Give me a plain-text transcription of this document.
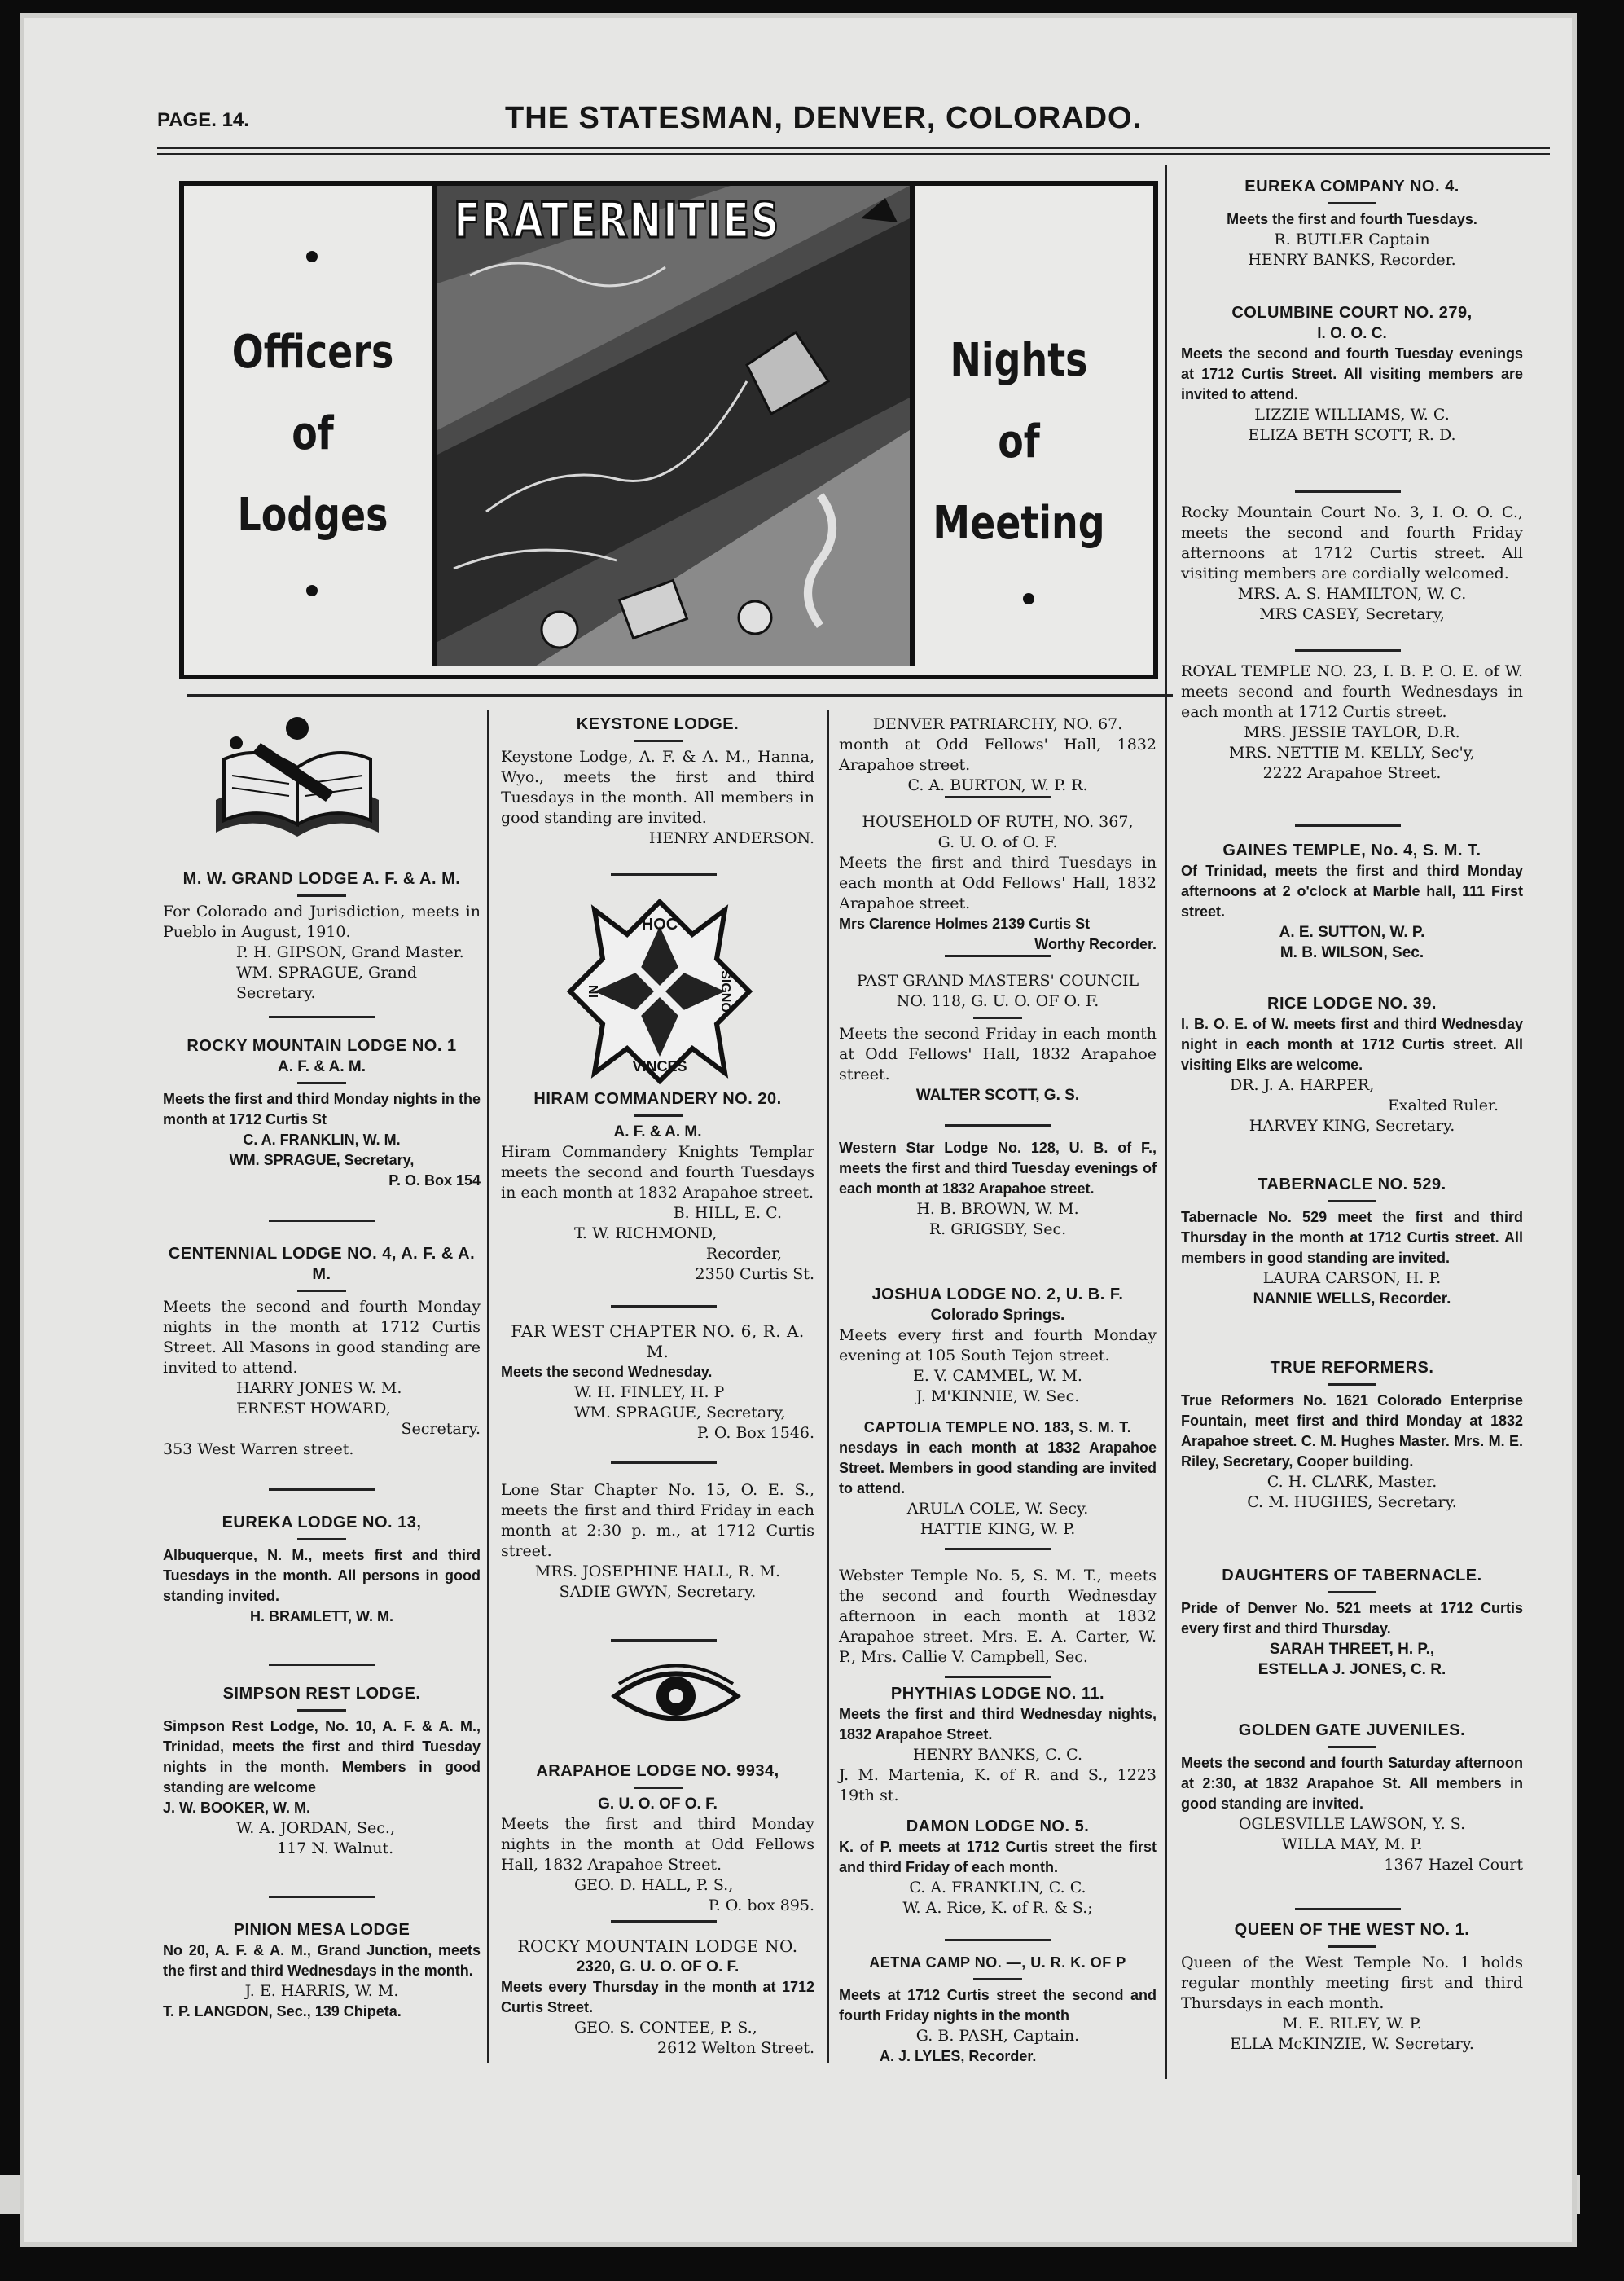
PAGE. 14.	THE STATESMAN, DENVER, COLORADO.
Officers
of
Lodges
FRATERNITIES
Nights
of
Meeting
M. W. GRAND LODGE A. F. & A. M.
For Colorado and Jurisdiction, meets in Pueblo in August, 1910.
P. H. GIPSON, Grand Master.
WM. SPRAGUE, Grand Secretary.
ROCKY MOUNTAIN LODGE NO. 1
A. F. & A. M.
Meets the first and third Monday nights in the month at 1712 Curtis St
C. A. FRANKLIN, W. M.
WM. SPRAGUE, Secretary,
P. O. Box 154
CENTENNIAL LODGE NO. 4, A. F. & A. M.
Meets the second and fourth Monday nights in the month at 1712 Curtis Street. All Masons in good standing are invited to attend.
HARRY JONES W. M.
ERNEST HOWARD,
Secretary.
353 West Warren street.
EUREKA LODGE NO. 13,
Albuquerque, N. M., meets first and third Tuesdays in the month. All persons in good standing invited.
H. BRAMLETT, W. M.
SIMPSON REST LODGE.
Simpson Rest Lodge, No. 10, A. F. & A. M., Trinidad, meets the first and third Tuesday nights in the month. Members in good standing are welcome
J. W. BOOKER, W. M.
W. A. JORDAN, Sec.,
117 N. Walnut.
PINION MESA LODGE
No 20, A. F. & A. M., Grand Junction, meets the first and third Wednesdays in the month.
J. E. HARRIS, W. M.
T. P. LANGDON, Sec., 139 Chipeta.
KEYSTONE LODGE.
Keystone Lodge, A. F. & A. M., Hanna, Wyo., meets the first and third Tuesdays in the month. All members in good standing are invited.
HENRY ANDERSON.
HOC
VINCES
SIGNO
IN
HIRAM COMMANDERY NO. 20.
A. F. & A. M.
Hiram Commandery Knights Templar meets the second and fourth Tuesdays in each month at 1832 Arapahoe street.
B. HILL, E. C.
T. W. RICHMOND,
Recorder,
2350 Curtis St.
FAR WEST CHAPTER NO. 6, R. A. M.
Meets the second Wednesday.
W. H. FINLEY, H. P
WM. SPRAGUE, Secretary,
P. O. Box 1546.
Lone Star Chapter No. 15, O. E. S., meets the first and third Friday in each month at 2:30 p. m., at 1712 Curtis street.
MRS. JOSEPHINE HALL, R. M.
SADIE GWYN, Secretary.
ARAPAHOE LODGE NO. 9934,
G. U. O. OF O. F.
Meets the first and third Monday nights in the month at Odd Fellows Hall, 1832 Arapahoe Street.
GEO. D. HALL, P. S.,
P. O. box 895.
ROCKY MOUNTAIN LODGE NO.
2320, G. U. O. OF O. F.
Meets every Thursday in the month at 1712 Curtis Street.
GEO. S. CONTEE, P. S.,
2612 Welton Street.
DENVER PATRIARCHY, NO. 67.
month at Odd Fellows' Hall, 1832 Arapahoe street.
C. A. BURTON, W. P. R.
HOUSEHOLD OF RUTH, NO. 367,
G. U. O. of O. F.
Meets the first and third Tuesdays in each month at Odd Fellows' Hall, 1832 Arapahoe street.
Mrs Clarence Holmes 2139 Curtis St
Worthy Recorder.
PAST GRAND MASTERS' COUNCIL
NO. 118, G. U. O. OF O. F.
Meets the second Friday in each month at Odd Fellows' Hall, 1832 Arapahoe street.
WALTER SCOTT, G. S.
Western Star Lodge No. 128, U. B. of F., meets the first and third Tuesday evenings of each month at 1832 Arapahoe street.
H. B. BROWN, W. M.
R. GRIGSBY, Sec.
JOSHUA LODGE NO. 2, U. B. F.
Colorado Springs.
Meets every first and fourth Monday evening at 105 South Tejon street.
E. V. CAMMEL, W. M.
J. M'KINNIE, W. Sec.
CAPTOLIA TEMPLE NO. 183, S. M. T.
nesdays in each month at 1832 Arapahoe Street. Members in good standing are invited to attend.
ARULA COLE, W. Secy.
HATTIE KING, W. P.
Webster Temple No. 5, S. M. T., meets the second and fourth Wednesday afternoon in each month at 1832 Arapahoe street. Mrs. E. A. Carter, W. P., Mrs. Callie V. Campbell, Sec.
PHYTHIAS LODGE NO. 11.
Meets the first and third Wednesday nights, 1832 Arapahoe Street.
HENRY BANKS, C. C.
J. M. Martenia, K. of R. and S., 1223 19th st.
DAMON LODGE NO. 5.
K. of P. meets at 1712 Curtis street the first and third Friday of each month.
C. A. FRANKLIN, C. C.
W. A. Rice, K. of R. & S.;
AETNA CAMP NO. —, U. R. K. OF P
Meets at 1712 Curtis street the second and fourth Friday nights in the month
G. B. PASH, Captain.
A. J. LYLES, Recorder.
EUREKA COMPANY NO. 4.
Meets the first and fourth Tuesdays.
R. BUTLER Captain
HENRY BANKS, Recorder.
COLUMBINE COURT NO. 279,
I. O. O. C.
Meets the second and fourth Tuesday evenings at 1712 Curtis Street. All visiting members are invited to attend.
LIZZIE WILLIAMS, W. C.
ELIZA BETH SCOTT, R. D.
Rocky Mountain Court No. 3, I. O. O. C., meets the second and fourth Friday afternoons at 1712 Curtis street. All visiting members are cordially welcomed.
MRS. A. S. HAMILTON, W. C.
MRS CASEY, Secretary,
ROYAL TEMPLE NO. 23, I. B. P. O. E. of W. meets second and fourth Wednesdays in each month at 1712 Curtis street.
MRS. JESSIE TAYLOR, D.R.
MRS. NETTIE M. KELLY, Sec'y,
2222 Arapahoe Street.
GAINES TEMPLE, No. 4, S. M. T.
Of Trinidad, meets the first and third Monday afternoons at 2 o'clock at Marble hall, 111 First street.
A. E. SUTTON, W. P.
M. B. WILSON, Sec.
RICE LODGE NO. 39.
I. B. O. E. of W. meets first and third Wednesday night in each month at 1712 Curtis street. All visiting Elks are welcome.
DR. J. A. HARPER,
Exalted Ruler.
HARVEY KING, Secretary.
TABERNACLE NO. 529.
Tabernacle No. 529 meet the first and third Thursday in the month at 1712 Curtis street. All members in good standing are invited.
LAURA CARSON, H. P.
NANNIE WELLS, Recorder.
TRUE REFORMERS.
True Reformers No. 1621 Colorado Enterprise Fountain, meet first and third Monday at 1832 Arapahoe street. C. M. Hughes Master. Mrs. M. E. Riley, Secretary, Cooper building.
C. H. CLARK, Master.
C. M. HUGHES, Secretary.
DAUGHTERS OF TABERNACLE.
Pride of Denver No. 521 meets at 1712 Curtis every first and third Thursday.
SARAH THREET, H. P.,
ESTELLA J. JONES, C. R.
GOLDEN GATE JUVENILES.
Meets the second and fourth Saturday afternoon at 2:30, at 1832 Arapahoe St. All members in good standing are invited.
OGLESVILLE LAWSON, Y. S.
WILLA MAY, M. P.
1367 Hazel Court
QUEEN OF THE WEST NO. 1.
Queen of the West Temple No. 1 holds regular monthly meeting first and third Thursdays in each month.
M. E. RILEY, W. P.
ELLA McKINZIE, W. Secretary.
